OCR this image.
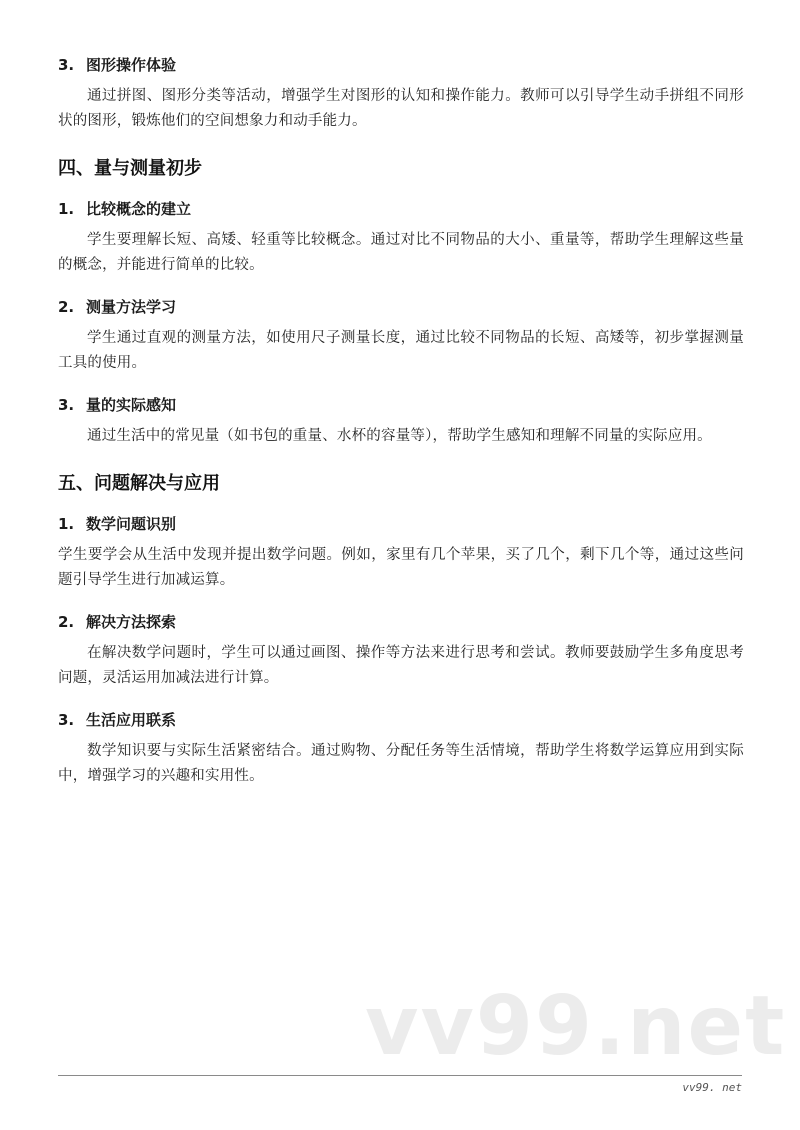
3. 图形操作体验

通过拼图、图形分类等活动，增强学生对图形的认知和操作能力。教师可以引导学生动手拼组不同形状的图形，锻炼他们的空间想象力和动手能力。

四、量与测量初步
1. 比较概念的建立

学生要理解长短、高矮、轻重等比较概念。通过对比不同物品的大小、重量等，帮助学生理解这些量的概念，并能进行简单的比较。

2. 测量方法学习

学生通过直观的测量方法，如使用尺子测量长度，通过比较不同物品的长短、高矮等，初步掌握测量工具的使用。

3. 量的实际感知

通过生活中的常见量（如书包的重量、水杯的容量等），帮助学生感知和理解不同量的实际应用。

五、问题解决与应用
1. 数学问题识别

学生要学会从生活中发现并提出数学问题。例如，家里有几个苹果，买了几个，剩下几个等，通过这些问题引导学生进行加减运算。

2. 解决方法探索

在解决数学问题时，学生可以通过画图、操作等方法来进行思考和尝试。教师要鼓励学生多角度思考问题，灵活运用加减法进行计算。

3. 生活应用联系

数学知识要与实际生活紧密结合。通过购物、分配任务等生活情境，帮助学生将数学运算应用到实际中，增强学习的兴趣和实用性。

vv99.net
vv99. net
